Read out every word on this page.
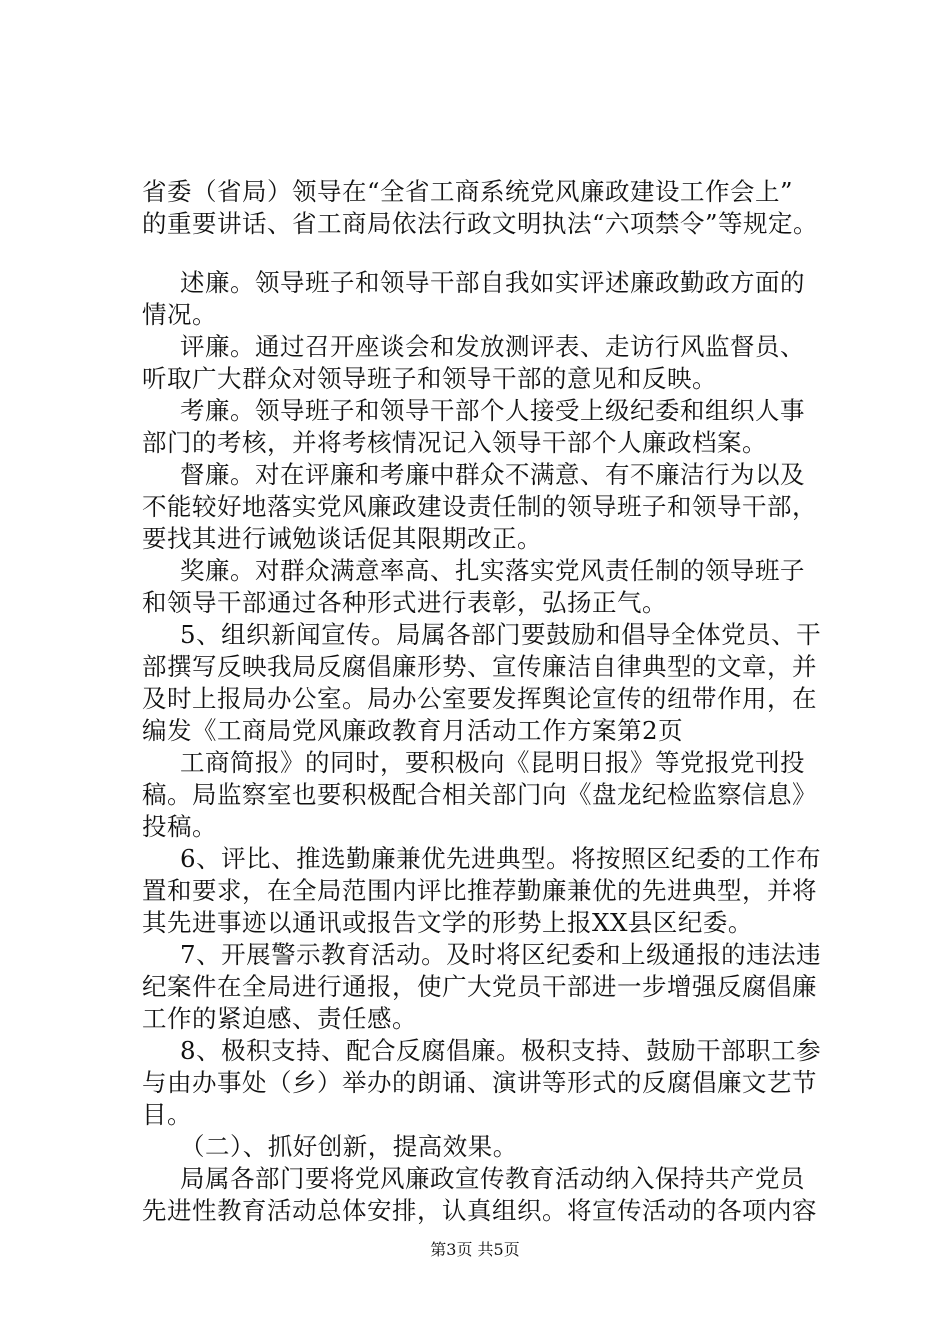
省委（省局）领导在“全省工商系统党风廉政建设工作会上”
的重要讲话、省工商局依法行政文明执法“六项禁令”等规定。
述廉。领导班子和领导干部自我如实评述廉政勤政方面的
情况。
评廉。通过召开座谈会和发放测评表、走访行风监督员、
听取广大群众对领导班子和领导干部的意见和反映。
考廉。领导班子和领导干部个人接受上级纪委和组织人事
部门的考核，并将考核情况记入领导干部个人廉政档案。
督廉。对在评廉和考廉中群众不满意、有不廉洁行为以及
不能较好地落实党风廉政建设责任制的领导班子和领导干部，
要找其进行诫勉谈话促其限期改正。
奖廉。对群众满意率高、扎实落实党风责任制的领导班子
和领导干部通过各种形式进行表彰，弘扬正气。
5、组织新闻宣传。局属各部门要鼓励和倡导全体党员、干
部撰写反映我局反腐倡廉形势、宣传廉洁自律典型的文章，并
及时上报局办公室。局办公室要发挥舆论宣传的纽带作用，在
编发《工商局党风廉政教育月活动工作方案第2页
工商简报》的同时，要积极向《昆明日报》等党报党刊投
稿。局监察室也要积极配合相关部门向《盘龙纪检监察信息》
投稿。
6、评比、推选勤廉兼优先进典型。将按照区纪委的工作布
置和要求，在全局范围内评比推荐勤廉兼优的先进典型，并将
其先进事迹以通讯或报告文学的形势上报XX县区纪委。
7、开展警示教育活动。及时将区纪委和上级通报的违法违
纪案件在全局进行通报，使广大党员干部进一步增强反腐倡廉
工作的紧迫感、责任感。
8、极积支持、配合反腐倡廉。极积支持、鼓励干部职工参
与由办事处（乡）举办的朗诵、演讲等形式的反腐倡廉文艺节
目。
（二）、抓好创新，提高效果。
局属各部门要将党风廉政宣传教育活动纳入保持共产党员
先进性教育活动总体安排，认真组织。将宣传活动的各项内容
第3页 共5页
